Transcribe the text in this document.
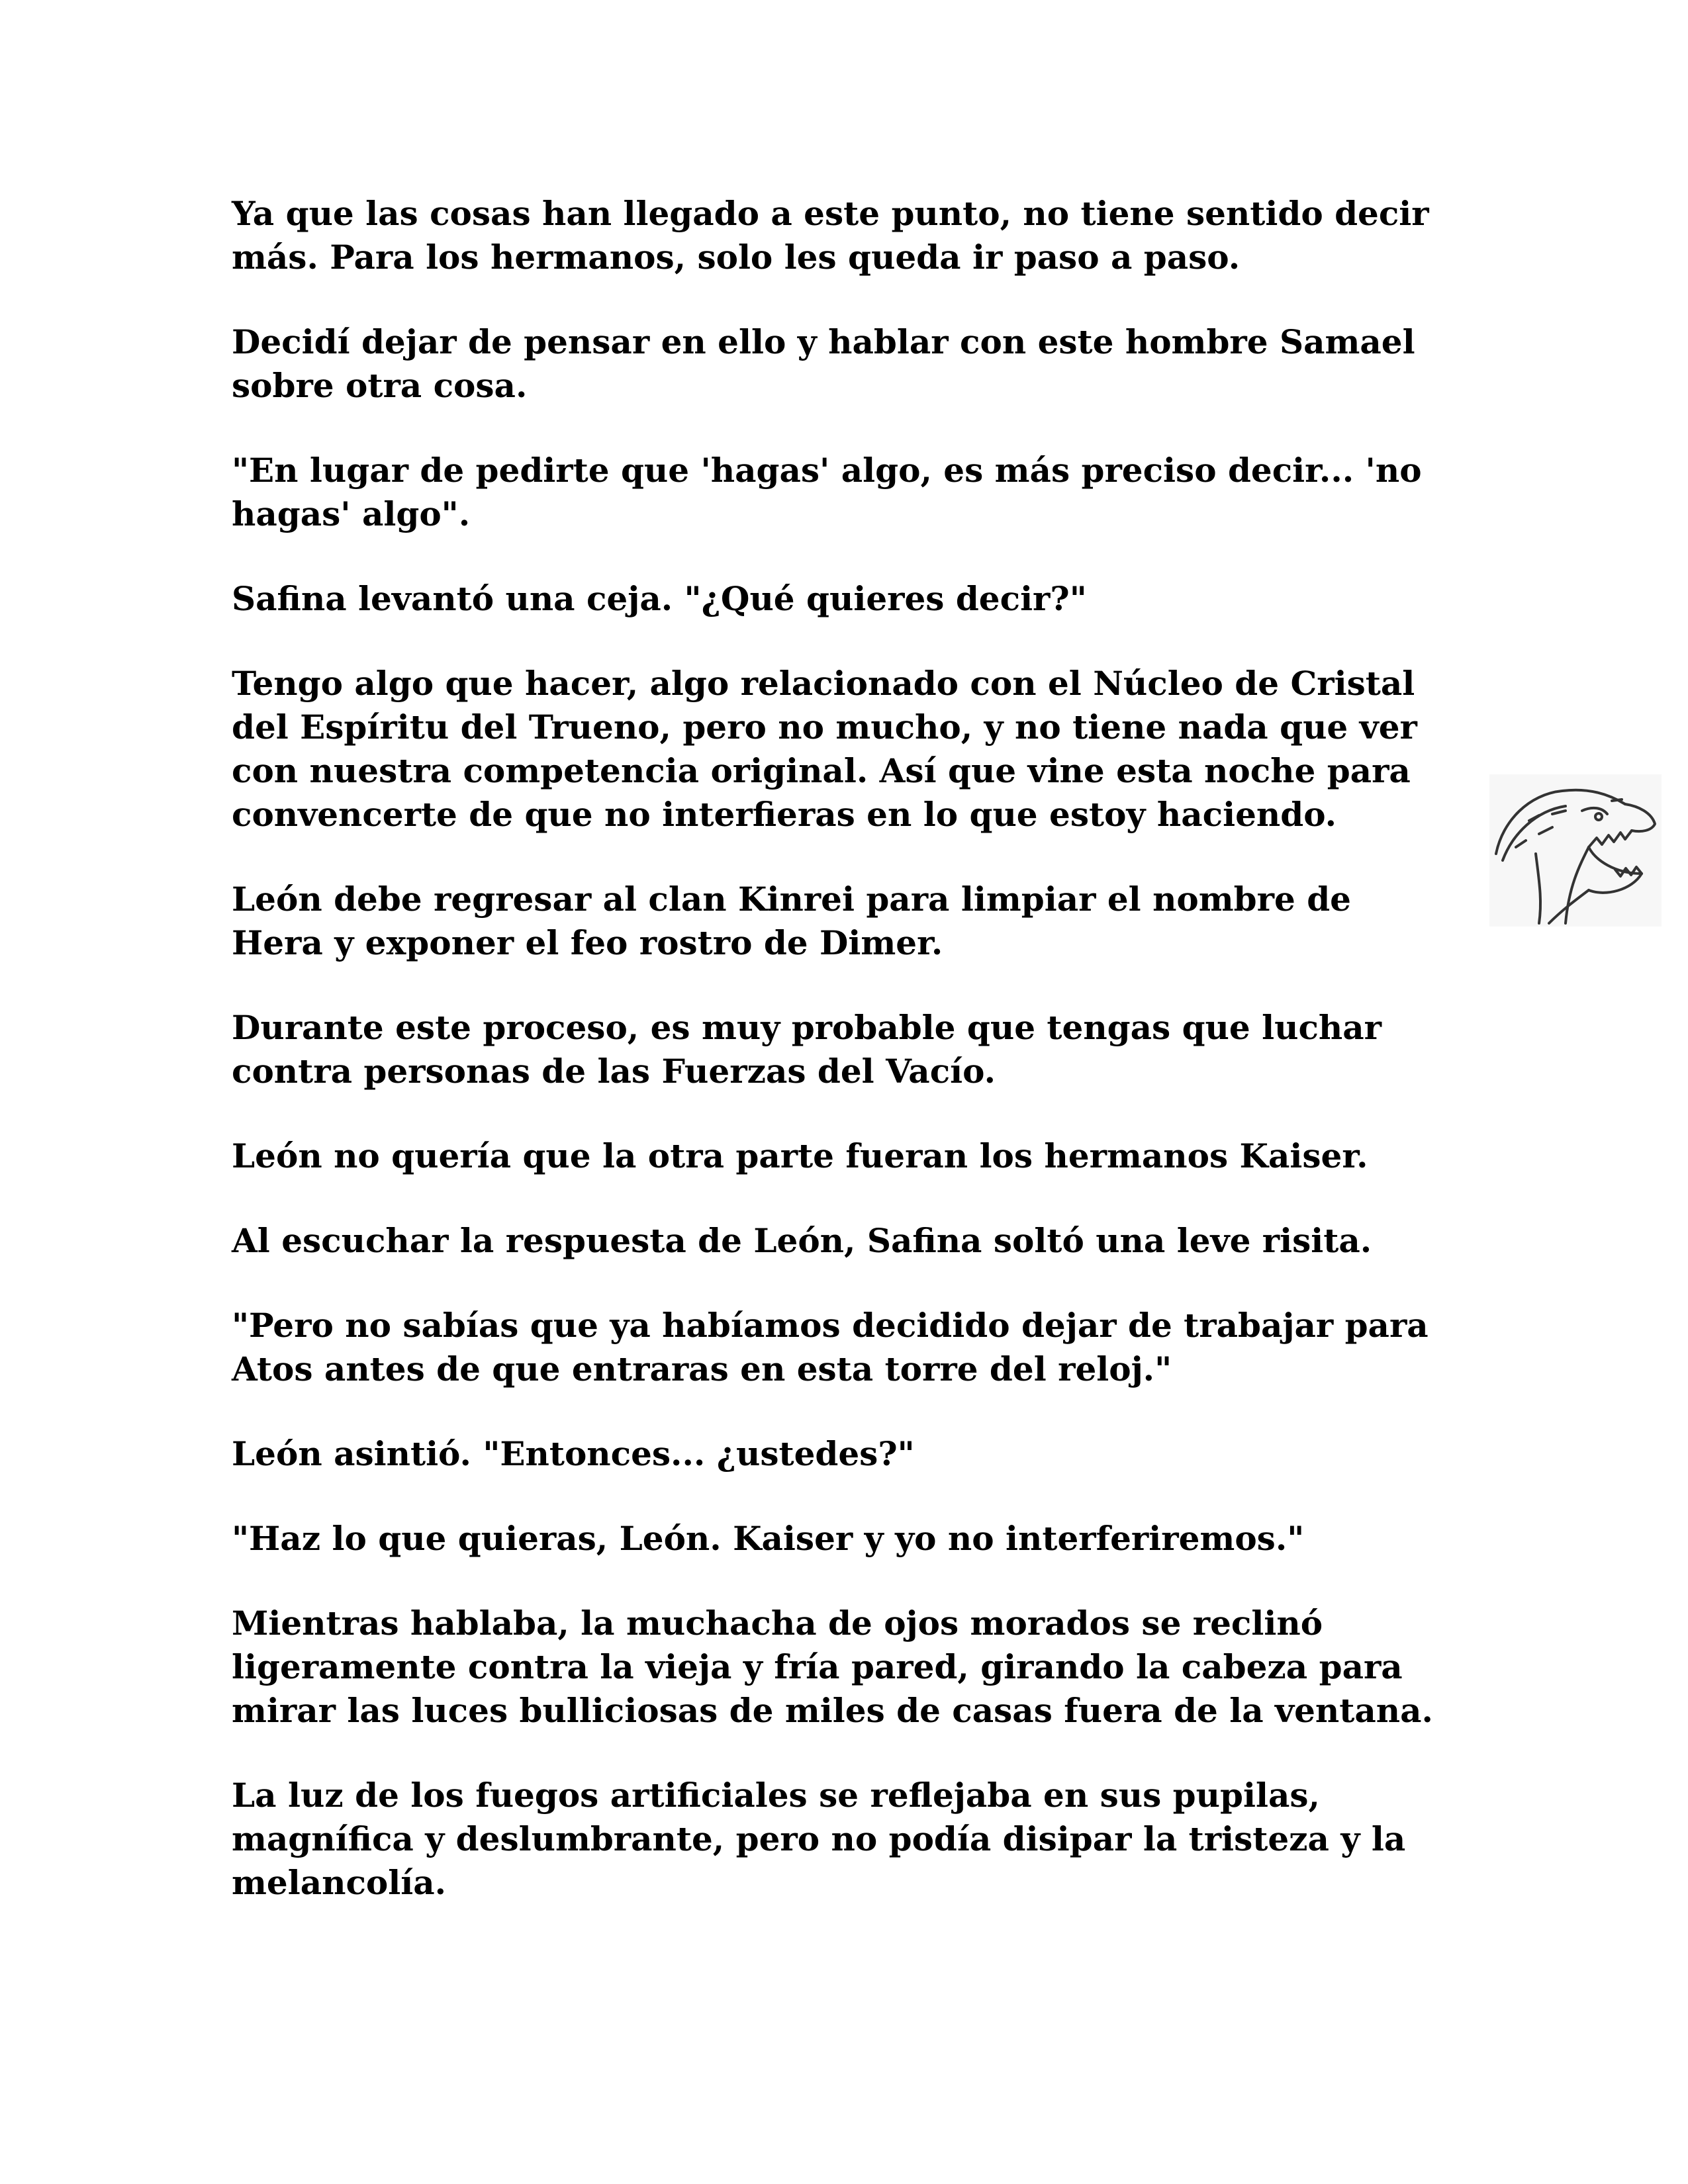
Ya que las cosas han llegado a este punto, no tiene sentido decir más. Para los hermanos, solo les queda ir paso a paso.

Decidí dejar de pensar en ello y hablar con este hombre Samael sobre otra cosa.

"En lugar de pedirte que 'hagas' algo, es más preciso decir... 'no hagas' algo".

Safina levantó una ceja. "¿Qué quieres decir?"

Tengo algo que hacer, algo relacionado con el Núcleo de Cristal del Espíritu del Trueno, pero no mucho, y no tiene nada que ver con nuestra competencia original. Así que vine esta noche para convencerte de que no interfieras en lo que estoy haciendo.

León debe regresar al clan Kinrei para limpiar el nombre de Hera y exponer el feo rostro de Dimer.

Durante este proceso, es muy probable que tengas que luchar contra personas de las Fuerzas del Vacío.

León no quería que la otra parte fueran los hermanos Kaiser.

Al escuchar la respuesta de León, Safina soltó una leve risita.

"Pero no sabías que ya habíamos decidido dejar de trabajar para Atos antes de que entraras en esta torre del reloj."

León asintió. "Entonces... ¿ustedes?"

"Haz lo que quieras, León. Kaiser y yo no interferiremos."

Mientras hablaba, la muchacha de ojos morados se reclinó ligeramente contra la vieja y fría pared, girando la cabeza para mirar las luces bulliciosas de miles de casas fuera de la ventana.

La luz de los fuegos artificiales se reflejaba en sus pupilas, magnífica y deslumbrante, pero no podía disipar la tristeza y la melancolía.
